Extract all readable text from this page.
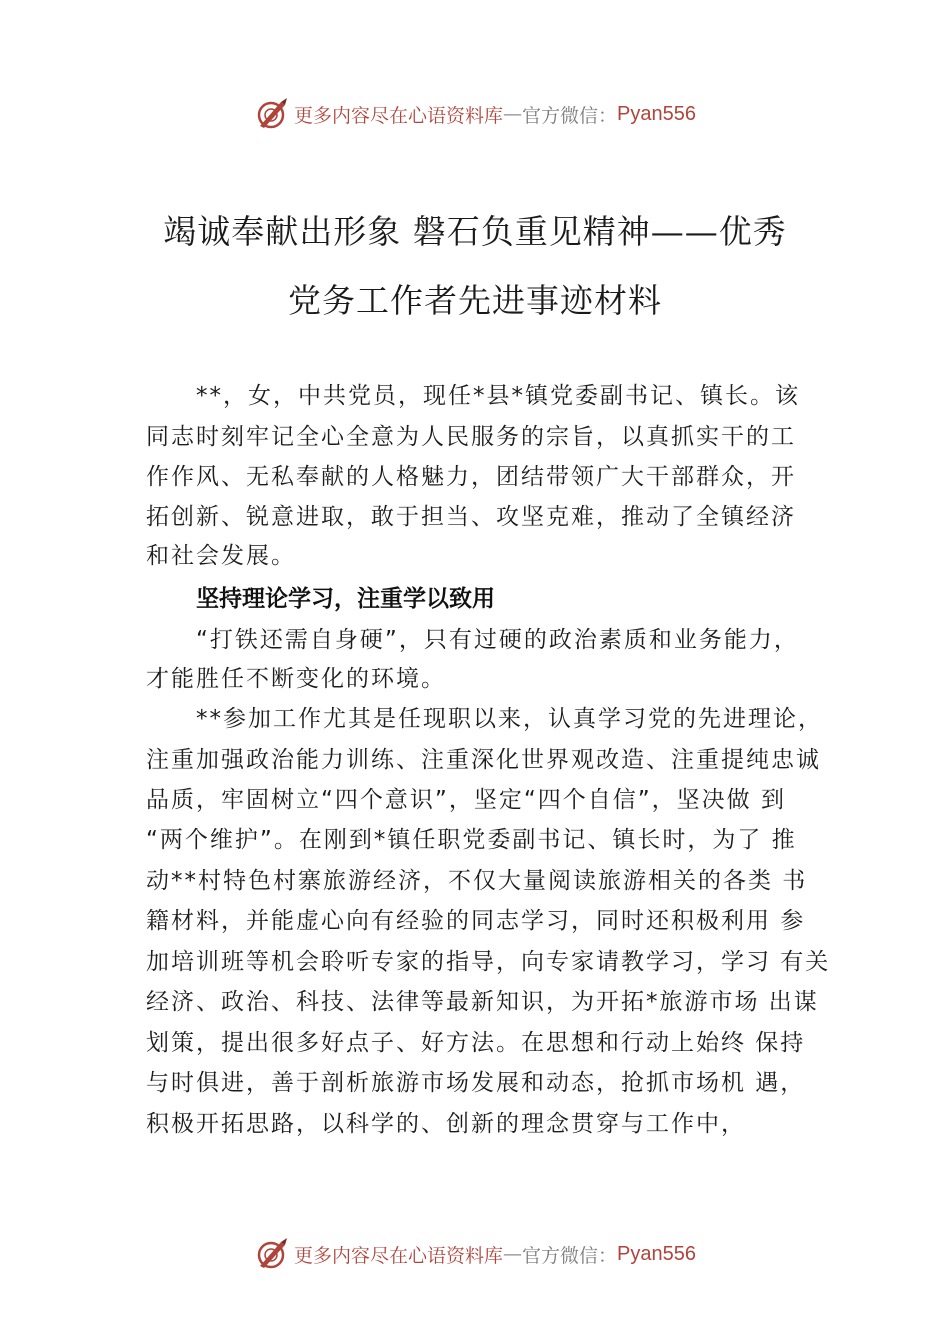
更多内容尽在心语资料库 — 官方微信： Pyan556
竭诚奉献出形象 磐石负重见精神——优秀
党务工作者先进事迹材料
**，女，中共党员，现任*县*镇党委副书记、镇长。该
同志时刻牢记全心全意为人民服务的宗旨，以真抓实干的工
作作风、无私奉献的人格魅力，团结带领广大干部群众，开
拓创新、锐意进取，敢于担当、攻坚克难，推动了全镇经济
和社会发展。
坚持理论学习，注重学以致用
“打铁还需自身硬”，只有过硬的政治素质和业务能力，
才能胜任不断变化的环境。
**参加工作尤其是任现职以来，认真学习党的先进理论，
注重加强政治能力训练、注重深化世界观改造、注重提纯忠诚
品质，牢固树立“四个意识”，坚定“四个自信”，坚决做 到
“两个维护”。在刚到*镇任职党委副书记、镇长时，为了 推
动**村特色村寨旅游经济，不仅大量阅读旅游相关的各类 书
籍材料，并能虚心向有经验的同志学习，同时还积极利用 参
加培训班等机会聆听专家的指导，向专家请教学习，学习 有关
经济、政治、科技、法律等最新知识，为开拓*旅游市场 出谋
划策，提出很多好点子、好方法。在思想和行动上始终 保持
与时俱进，善于剖析旅游市场发展和动态，抢抓市场机 遇，
积极开拓思路，以科学的、创新的理念贯穿与工作中，
更多内容尽在心语资料库 — 官方微信： Pyan556
